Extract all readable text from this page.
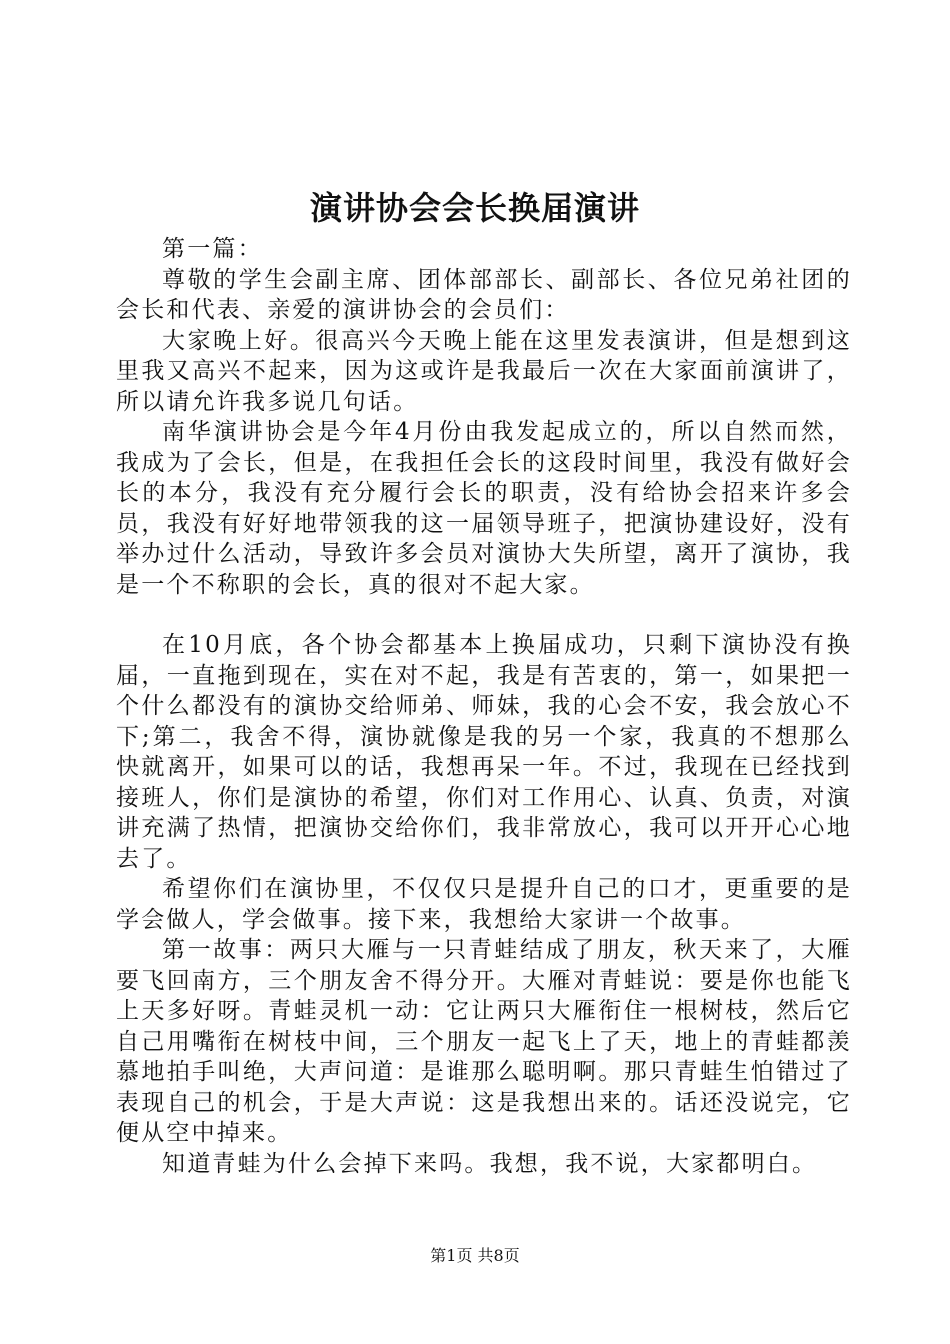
演讲协会会长换届演讲

第一篇：

尊敬的学生会副主席、团体部部长、副部长、各位兄弟社团的会长和代表、亲爱的演讲协会的会员们：

大家晚上好。很高兴今天晚上能在这里发表演讲，但是想到这里我又高兴不起来，因为这或许是我最后一次在大家面前演讲了，所以请允许我多说几句话。

南华演讲协会是今年4月份由我发起成立的，所以自然而然，我成为了会长，但是，在我担任会长的这段时间里，我没有做好会长的本分，我没有充分履行会长的职责，没有给协会招来许多会员，我没有好好地带领我的这一届领导班子，把演协建设好，没有举办过什么活动，导致许多会员对演协大失所望，离开了演协，我是一个不称职的会长，真的很对不起大家。

在10月底，各个协会都基本上换届成功，只剩下演协没有换届，一直拖到现在，实在对不起，我是有苦衷的，第一，如果把一个什么都没有的演协交给师弟、师妹，我的心会不安，我会放心不下;第二，我舍不得，演协就像是我的另一个家，我真的不想那么快就离开，如果可以的话，我想再呆一年。不过，我现在已经找到接班人，你们是演协的希望，你们对工作用心、认真、负责，对演讲充满了热情，把演协交给你们，我非常放心，我可以开开心心地去了。

希望你们在演协里，不仅仅只是提升自己的口才，更重要的是学会做人，学会做事。接下来，我想给大家讲一个故事。

第一故事：两只大雁与一只青蛙结成了朋友，秋天来了，大雁要飞回南方，三个朋友舍不得分开。大雁对青蛙说：要是你也能飞上天多好呀。青蛙灵机一动：它让两只大雁衔住一根树枝，然后它自己用嘴衔在树枝中间，三个朋友一起飞上了天，地上的青蛙都羡慕地拍手叫绝，大声问道：是谁那么聪明啊。那只青蛙生怕错过了表现自己的机会，于是大声说：这是我想出来的。话还没说完，它便从空中掉来。

知道青蛙为什么会掉下来吗。我想，我不说，大家都明白。

第1页 共8页
